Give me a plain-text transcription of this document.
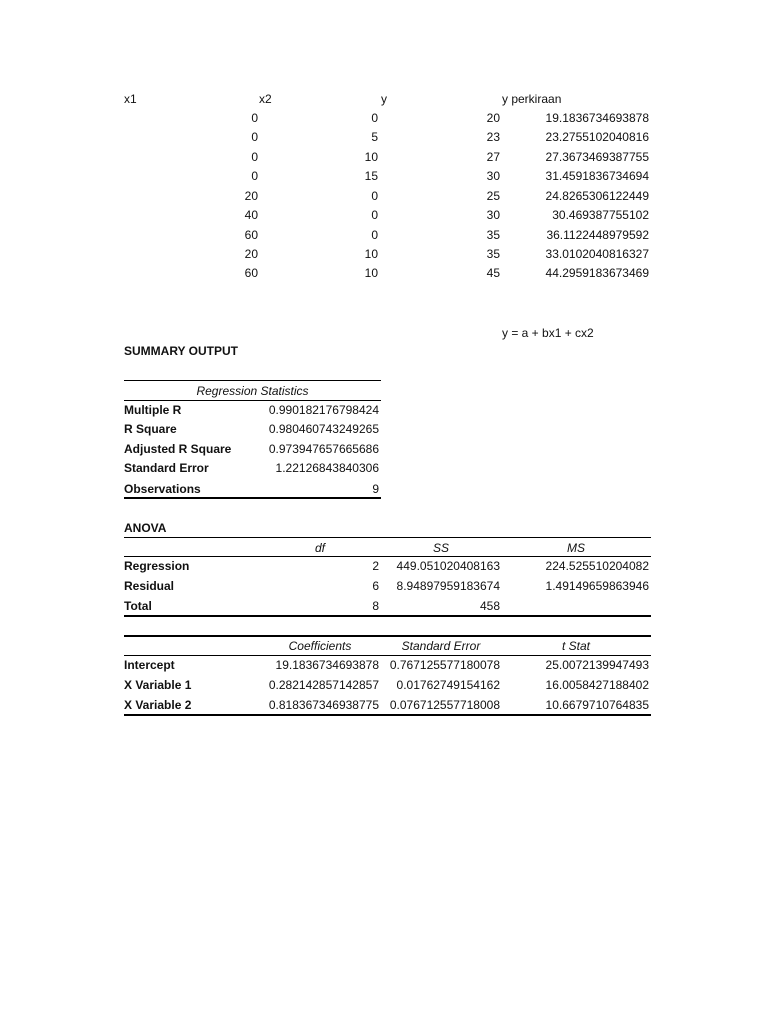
x1	x2	y	y perkiraan
0	0	20	19.1836734693878
0	5	23	23.2755102040816
0	10	27	27.3673469387755
0	15	30	31.4591836734694
20	0	25	24.8265306122449
40	0	30	30.469387755102
60	0	35	36.1122448979592
20	10	35	33.0102040816327
60	10	45	44.2959183673469
y = a + bx1 + cx2
SUMMARY OUTPUT
Regression Statistics
Multiple R	0.990182176798424
R Square	0.980460743249265
Adjusted R Square	0.973947657665686
Standard Error	1.22126843840306
Observations	9
ANOVA
df	SS	MS
Regression	2 449.051020408163	224.525510204082
Residual	6 8.94897959183674	1.49149659863946
Total	8	458
Coefficients	Standard Error	t Stat
Intercept	19.1836734693878 0.767125577180078	25.0072139947493
X Variable 1	0.282142857142857 0.01762749154162	16.0058427188402
X Variable 2	0.818367346938775 0.076712557718008	10.6679710764835
